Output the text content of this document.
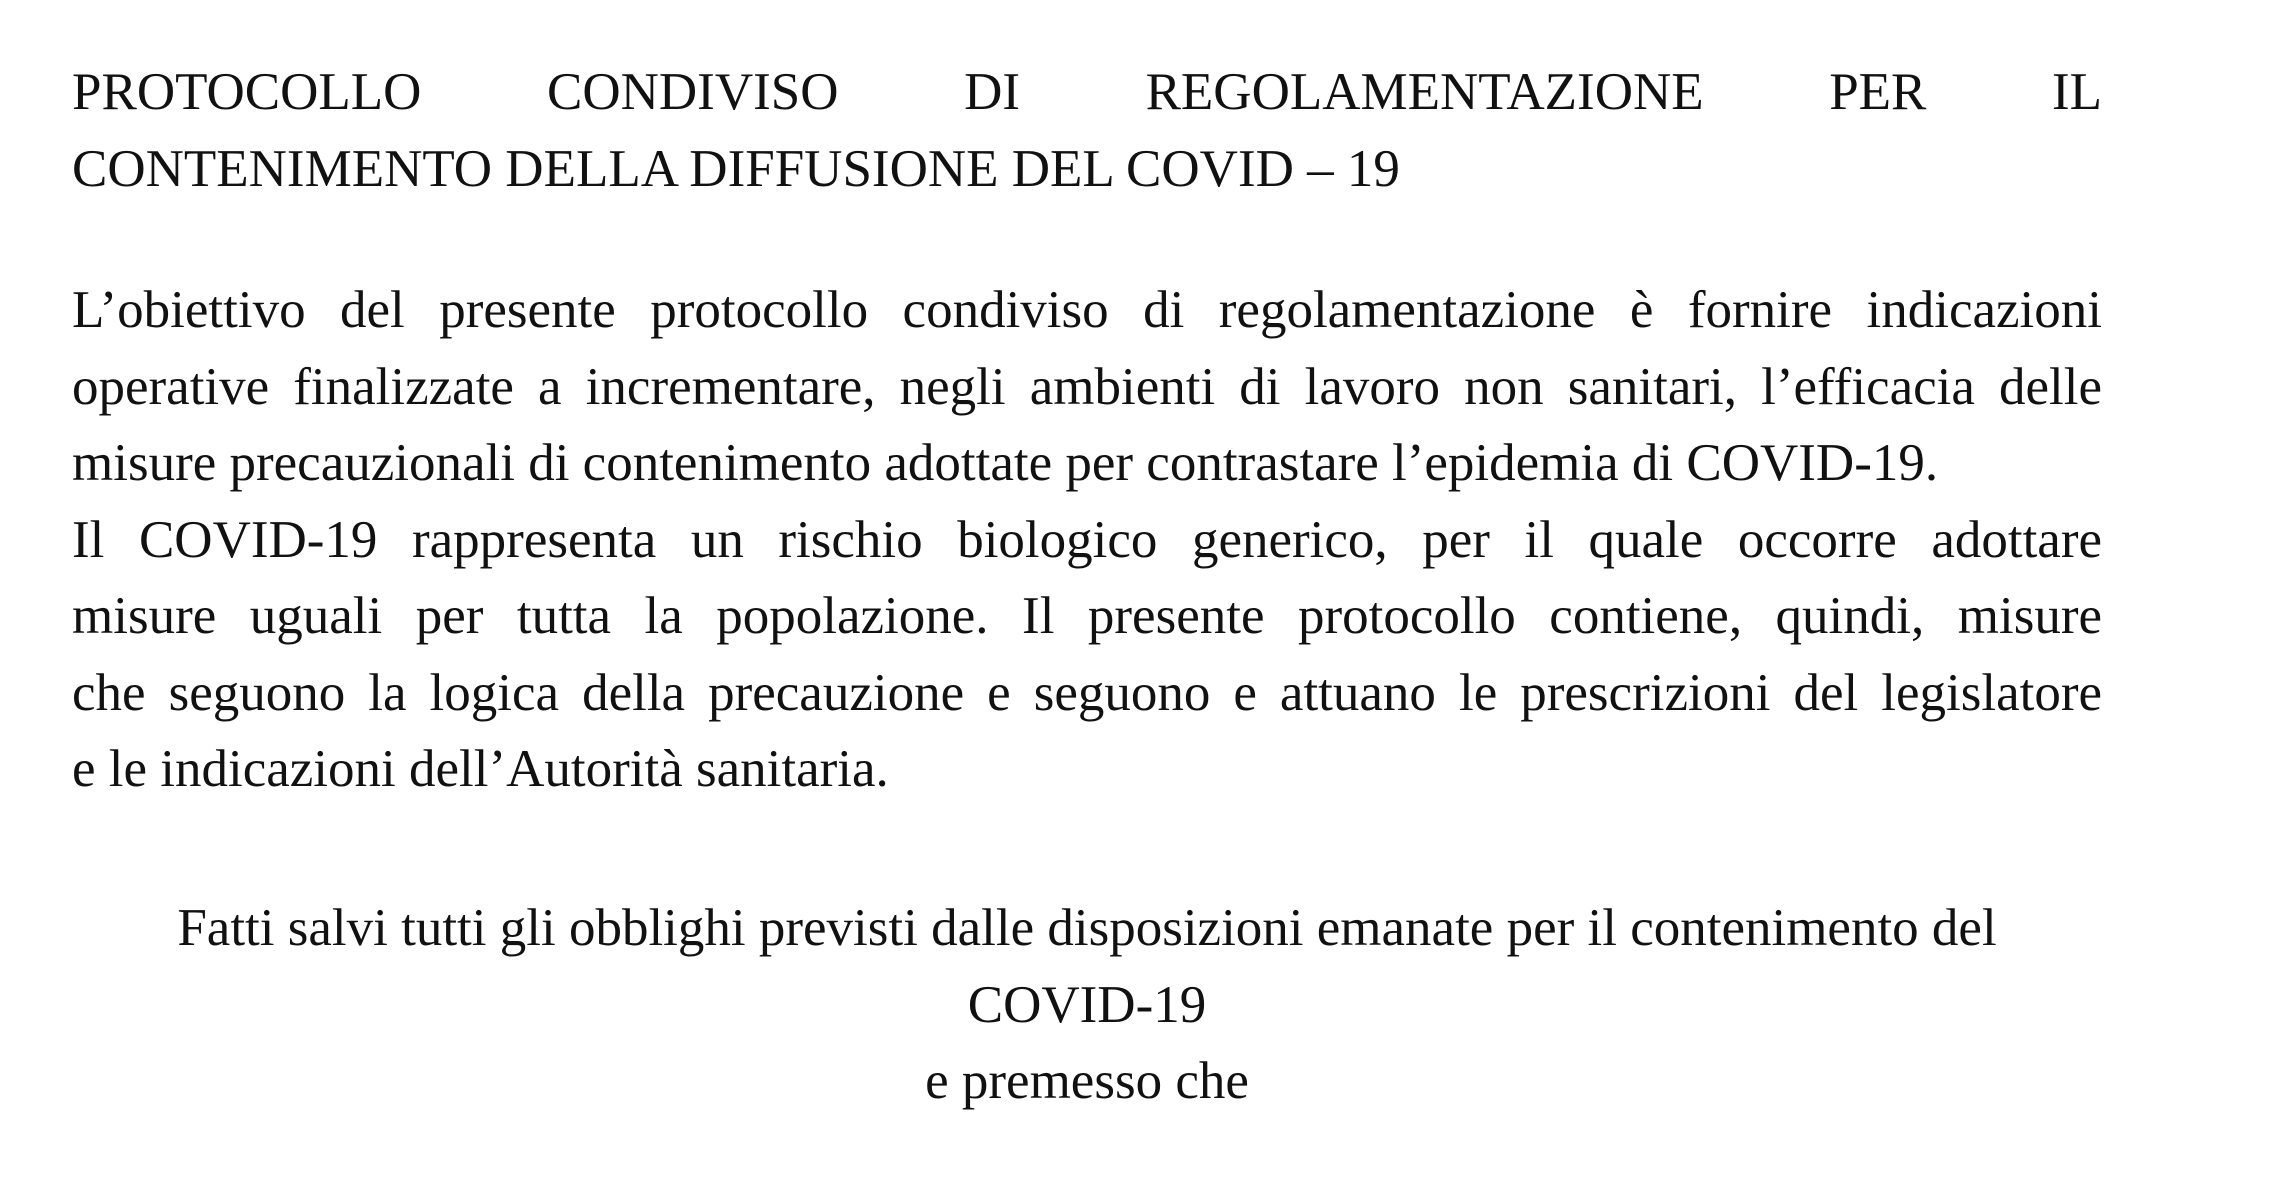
PROTOCOLLO CONDIVISO DI REGOLAMENTAZIONE PER IL
CONTENIMENTO DELLA DIFFUSIONE DEL COVID – 19

L’obiettivo del presente protocollo condiviso di regolamentazione è fornire indicazioni
operative finalizzate a incrementare, negli ambienti di lavoro non sanitari, l’efficacia delle
misure precauzionali di contenimento adottate per contrastare l’epidemia di COVID-19.
Il COVID-19 rappresenta un rischio biologico generico, per il quale occorre adottare
misure uguali per tutta la popolazione. Il presente protocollo contiene, quindi, misure
che seguono la logica della precauzione e seguono e attuano le prescrizioni del legislatore
e le indicazioni dell’Autorità sanitaria.

Fatti salvi tutti gli obblighi previsti dalle disposizioni emanate per il contenimento del
COVID-19
e premesso che
